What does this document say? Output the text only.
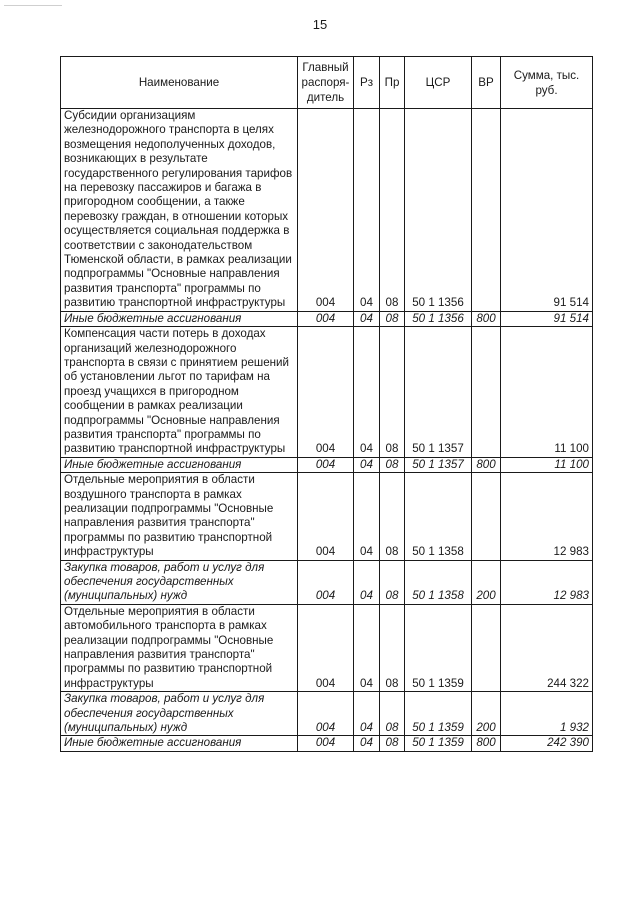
15
Наименование	Главный распоря-дитель	Рз	Пр	ЦСР	ВР	Сумма, тыс. руб.
Субсидии организациям железнодорожного транспорта в целях возмещения недополученных доходов, возникающих в результате государственного регулирования тарифов на перевозку пассажиров и багажа в пригородном сообщении, а также перевозку граждан, в отношении которых осуществляется социальная поддержка в соответствии с законодательством Тюменской области, в рамках реализации подпрограммы "Основные направления развития транспорта" программы по развитию транспортной инфраструктуры	004	04	08	50 1 1356		91 514
Иные бюджетные ассигнования	004	04	08	50 1 1356	800	91 514
Компенсация части потерь в доходах организаций железнодорожного транспорта в связи с принятием решений об установлении льгот по тарифам на проезд учащихся в пригородном сообщении в рамках реализации подпрограммы "Основные направления развития транспорта" программы по развитию транспортной инфраструктуры	004	04	08	50 1 1357		11 100
Иные бюджетные ассигнования	004	04	08	50 1 1357	800	11 100
Отдельные мероприятия в области воздушного транспорта в рамках реализации подпрограммы "Основные направления развития транспорта" программы по развитию транспортной инфраструктуры	004	04	08	50 1 1358		12 983
Закупка товаров, работ и услуг для обеспечения государственных (муниципальных) нужд	004	04	08	50 1 1358	200	12 983
Отдельные мероприятия в области автомобильного транспорта в рамках реализации подпрограммы "Основные направления развития транспорта" программы по развитию транспортной инфраструктуры	004	04	08	50 1 1359		244 322
Закупка товаров, работ и услуг для обеспечения государственных (муниципальных) нужд	004	04	08	50 1 1359	200	1 932
Иные бюджетные ассигнования	004	04	08	50 1 1359	800	242 390
